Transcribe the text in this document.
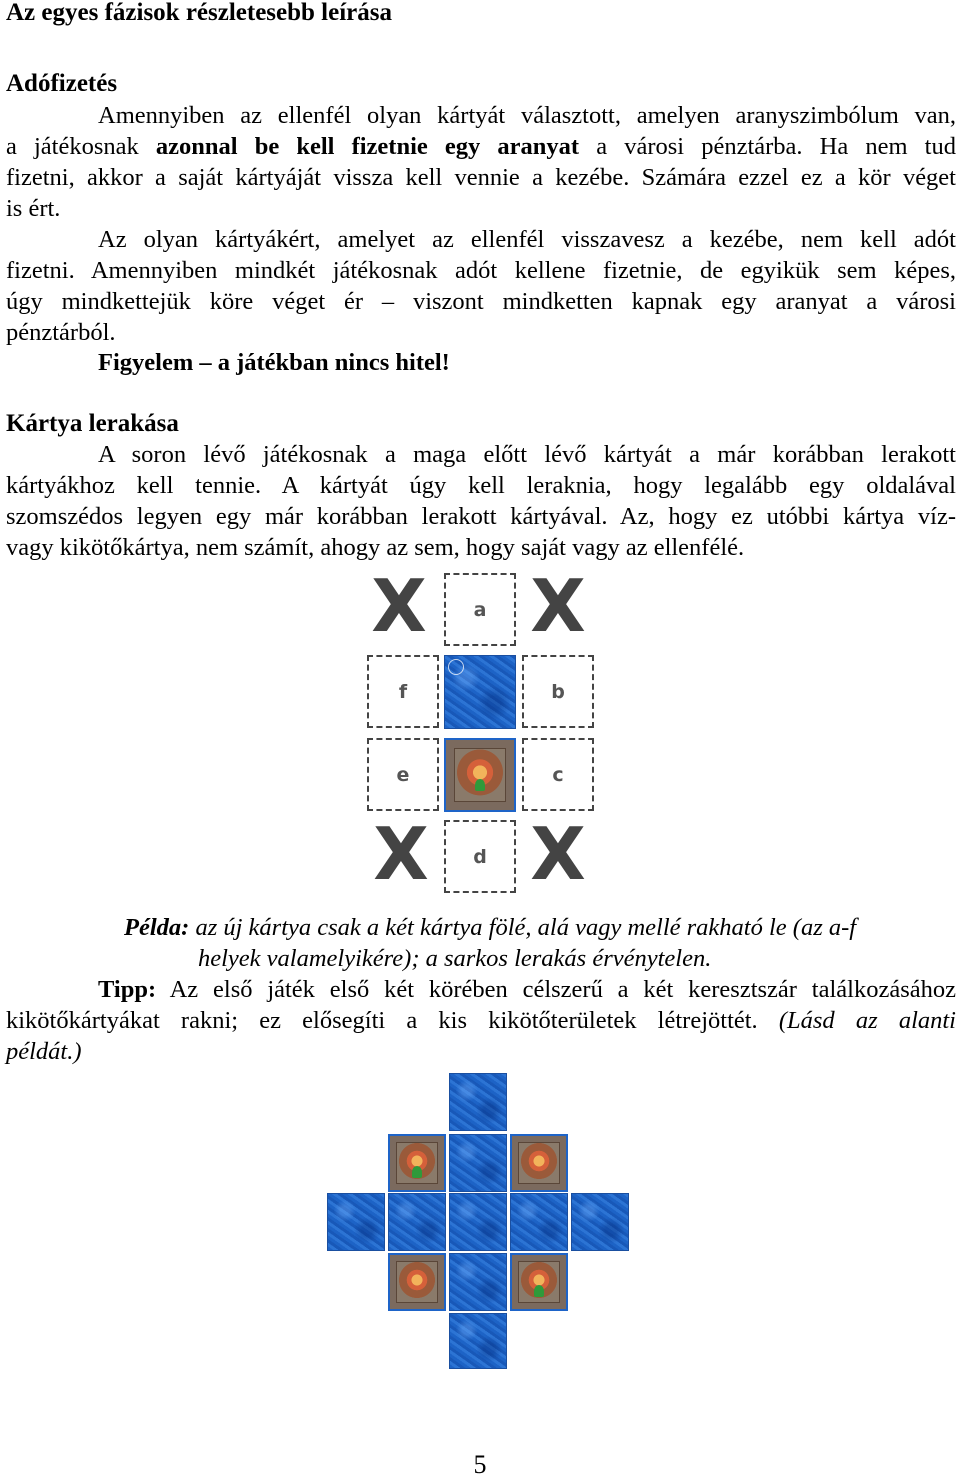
Az egyes fázisok részletesebb leírása
Adófizetés
Amennyiben az ellenfél olyan kártyát választott, amelyen aranyszimbólum van,
a játékosnak azonnal be kell fizetnie egy aranyat a városi pénztárba. Ha nem tud
fizetni, akkor a saját kártyáját vissza kell vennie a kezébe. Számára ezzel ez a kör véget
is ért.
Az olyan kártyákért, amelyet az ellenfél visszavesz a kezébe, nem kell adót
fizetni. Amennyiben mindkét játékosnak adót kellene fizetnie, de egyikük sem képes,
úgy mindkettejük köre véget ér – viszont mindketten kapnak egy aranyat a városi
pénztárból.
Figyelem – a játékban nincs hitel!
Kártya lerakása
A soron lévő játékosnak a maga előtt lévő kártyát a már korábban lerakott
kártyákhoz kell tennie. A kártyát úgy kell leraknia, hogy legalább egy oldalával
szomszédos legyen egy már korábban lerakott kártyával. Az, hogy ez utóbbi kártya víz-
vagy kikötőkártya, nem számít, ahogy az sem, hogy saját vagy az ellenfélé.
X X
X X
a
b
c
d
e
f
Példa: az új kártya csak a két kártya fölé, alá vagy mellé rakható le (az a-f
helyek valamelyikére); a sarkos lerakás érvénytelen.
Tipp: Az első játék első két körében célszerű a két keresztszár találkozásához
kikötőkártyákat rakni; ez elősegíti a kis kikötőterületek létrejöttét. (Lásd az alanti
példát.)
5
